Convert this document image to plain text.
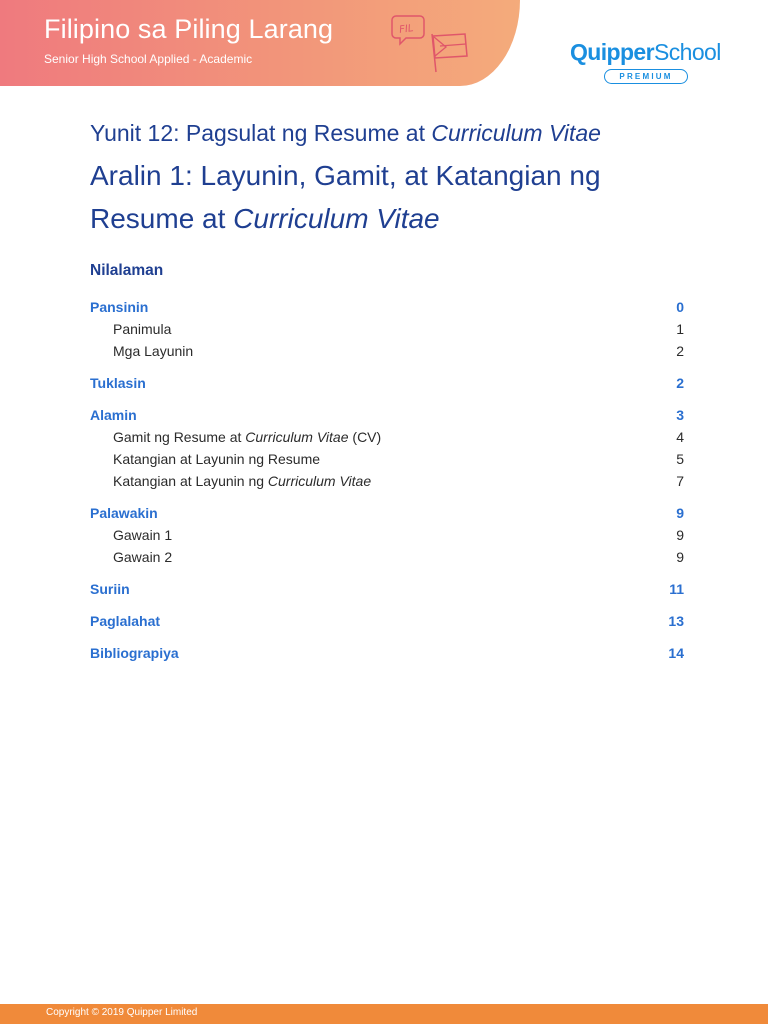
Filipino sa Piling Larang

Senior High School Applied - Academic

FIL
QuipperSchool
PREMIUM
Yunit 12: Pagsulat ng Resume at Curriculum Vitae
Aralin 1: Layunin, Gamit, at Katangian ng Resume at Curriculum Vitae
Nilalaman
Pansinin	0
Panimula	1
Mga Layunin	2
Tuklasin	2
Alamin	3
Gamit ng Resume at Curriculum Vitae (CV)	4
Katangian at Layunin ng Resume	5
Katangian at Layunin ng Curriculum Vitae	7
Palawakin	9
Gawain 1	9
Gawain 2	9
Suriin	11
Paglalahat	13
Bibliograpiya	14
Copyright © 2019 Quipper Limited
